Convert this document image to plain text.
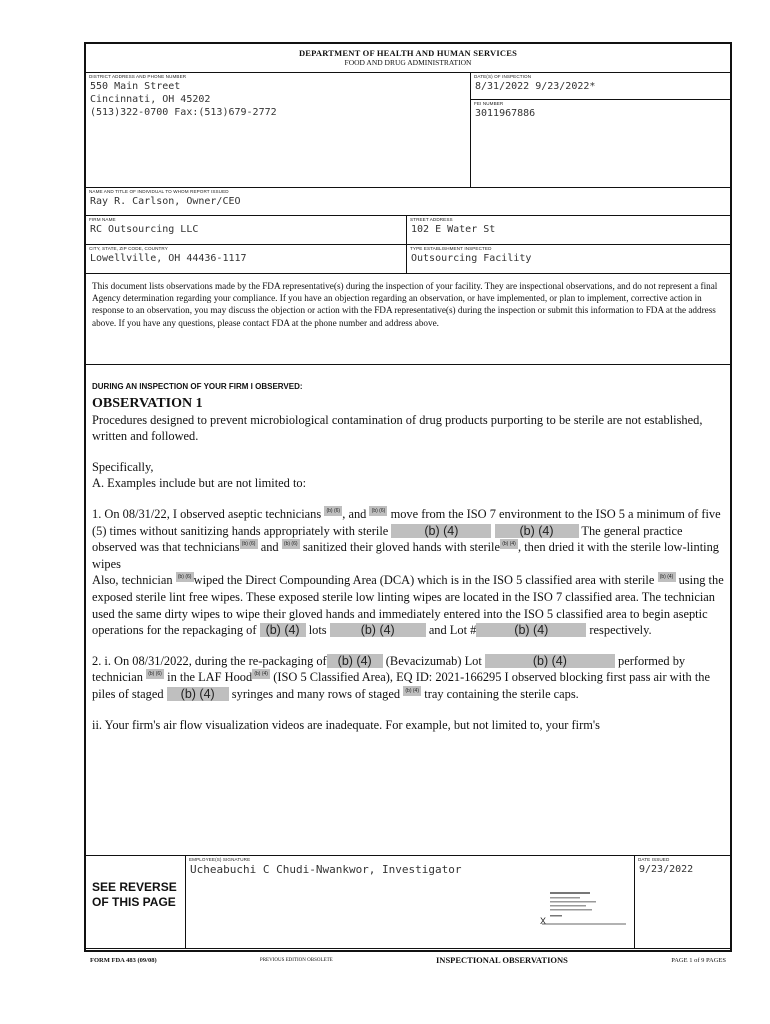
DEPARTMENT OF HEALTH AND HUMAN SERVICES
FOOD AND DRUG ADMINISTRATION
DISTRICT ADDRESS AND PHONE NUMBER
550 Main Street
Cincinnati, OH 45202
(513)322-0700 Fax:(513)679-2772
DATE(S) OF INSPECTION
8/31/2022 9/23/2022*
FEI NUMBER
3011967886
NAME AND TITLE OF INDIVIDUAL TO WHOM REPORT ISSUED
Ray R. Carlson, Owner/CEO
FIRM NAME
RC Outsourcing LLC
STREET ADDRESS
102 E Water St
CITY, STATE, ZIP CODE, COUNTRY
Lowellville, OH 44436-1117
TYPE ESTABLISHMENT INSPECTED
Outsourcing Facility
This document lists observations made by the FDA representative(s) during the inspection of your facility. They are inspectional observations, and do not represent a final Agency determination regarding your compliance. If you have an objection regarding an observation, or have implemented, or plan to implement, corrective action in response to an observation, you may discuss the objection or action with the FDA representative(s) during the inspection or submit this information to FDA at the address above. If you have any questions, please contact FDA at the phone number and address above.
DURING AN INSPECTION OF YOUR FIRM I OBSERVED:
OBSERVATION 1

Procedures designed to prevent microbiological contamination of drug products purporting to be sterile are not established, written and followed.

Specifically,

A. Examples include but are not limited to:

1. On 08/31/22, I observed aseptic technicians (b) (6) , and (b) (6) move from the ISO 7 environment to the ISO 5 a minimum of five (5) times without sanitizing hands appropriately with sterile	(b) (4)	(b) (4) The general practice observed was that technicians (b) (6) and (b) (6) sanitized their gloved hands with sterile (b) (4) , then dried it with the sterile low-linting wipes
Also, technician (b) (6) wiped the Direct Compounding Area (DCA) which is in the ISO 5 classified area with sterile (b) (4) using the exposed sterile lint free wipes. These exposed sterile low linting wipes are located in the ISO 7 classified area. The technician used the same dirty wipes to wipe their gloved hands and immediately entered into the ISO 5 classified area to begin aseptic operations for the repackaging of (b) (4) lots	(b) (4)	and Lot #	(b) (4)	respectively.

2. i. On 08/31/2022, during the re-packaging of (b) (4) (Bevacizumab) Lot	(b) (4)	performed by technician (b) (6) in the LAF Hood (b) (4) (ISO 5 Classified Area), EQ ID: 2021-166295 I observed blocking first pass air with the piles of staged (b) (4) syringes and many rows of staged (b) (4) tray containing the sterile caps.

ii. Your firm's air flow visualization videos are inadequate. For example, but not limited to, your firm's

SEE REVERSE OF THIS PAGE
EMPLOYEE(S) SIGNATURE
Ucheabuchi C Chudi-Nwankwor, Investigator
X
DATE ISSUED
9/23/2022
FORM FDA 483 (09/08)	PREVIOUS EDITION OBSOLETE	INSPECTIONAL OBSERVATIONS	PAGE 1 of 9 PAGES
